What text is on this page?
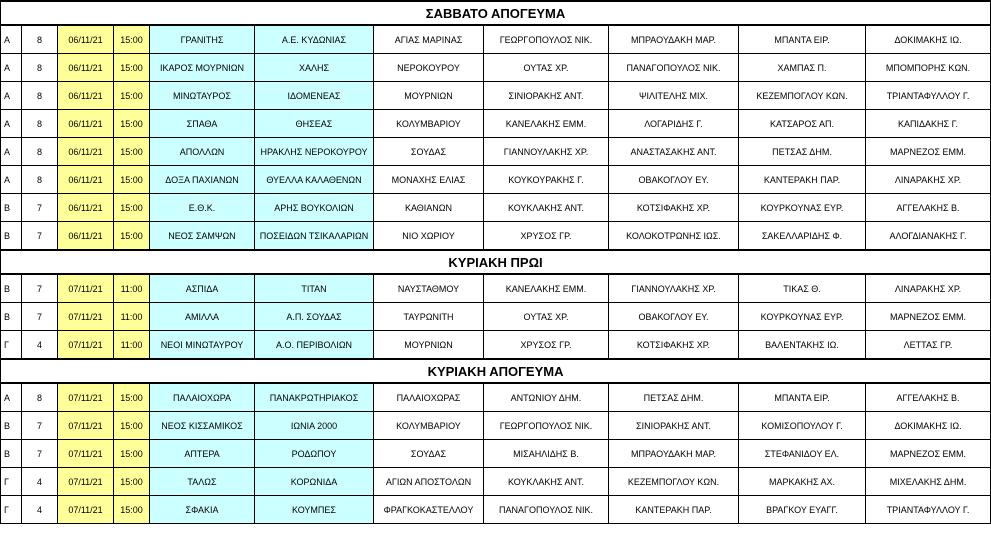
ΣΑΒΒΑΤΟ ΑΠΟΓΕΥΜΑ										
Α	8	06/11/21	15:00	ΓΡΑΝΙΤΗΣ	Α.Ε. ΚΥΔΩΝΙΑΣ	ΑΓΙΑΣ ΜΑΡΙΝΑΣ	ΓΕΩΡΓΟΠΟΥΛΟΣ ΝΙΚ.	ΜΠΡΑΟΥΔΑΚΗ ΜΑΡ.	ΜΠΑΝΤΑ ΕΙΡ.	ΔΟΚΙΜΑΚΗΣ ΙΩ.
Α	8	06/11/21	15:00	ΙΚΑΡΟΣ ΜΟΥΡΝΙΩΝ	ΧΑΛΗΣ	ΝΕΡΟΚΟΥΡΟΥ	ΟΥΤΑΣ ΧΡ.	ΠΑΝΑΓΟΠΟΥΛΟΣ ΝΙΚ.	ΧΑΜΠΑΣ Π.	ΜΠΟΜΠΟΡΗΣ ΚΩΝ.
Α	8	06/11/21	15:00	ΜΙΝΩΤΑΥΡΟΣ	ΙΔΟΜΕΝΕΑΣ	ΜΟΥΡΝΙΩΝ	ΣΙΝΙΟΡΑΚΗΣ ΑΝΤ.	ΨΙΛΙΤΕΛΗΣ ΜΙΧ.	ΚΕΖΕΜΠΟΓΛΟΥ ΚΩΝ.	ΤΡΙΑΝΤΑΦΥΛΛΟΥ Γ.
Α	8	06/11/21	15:00	ΣΠΑΘΑ	ΘΗΣΕΑΣ	ΚΟΛΥΜΒΑΡΙΟΥ	ΚΑΝΕΛΑΚΗΣ ΕΜΜ.	ΛΟΓΑΡΙΔΗΣ Γ.	ΚΑΤΣΑΡΟΣ ΑΠ.	ΚΑΠΙΔΑΚΗΣ Γ.
Α	8	06/11/21	15:00	ΑΠΟΛΛΩΝ	ΗΡΑΚΛΗΣ ΝΕΡΟΚΟΥΡΟΥ	ΣΟΥΔΑΣ	ΓΙΑΝΝΟΥΛΑΚΗΣ ΧΡ.	ΑΝΑΣΤΑΣΑΚΗΣ ΑΝΤ.	ΠΕΤΣΑΣ ΔΗΜ.	ΜΑΡΝΕΖΟΣ ΕΜΜ.
Α	8	06/11/21	15:00	ΔΟΞΑ ΠΑΧΙΑΝΩΝ	ΘΥΕΛΛΑ ΚΑΛΑΘΕΝΩΝ	ΜΟΝΑΧΗΣ ΕΛΙΑΣ	ΚΟΥΚΟΥΡΑΚΗΣ Γ.	ΟΒΑΚΟΓΛΟΥ ΕΥ.	ΚΑΝΤΕΡΑΚΗ ΠΑΡ.	ΛΙΝΑΡΑΚΗΣ ΧΡ.
Β	7	06/11/21	15:00	Ε.Θ.Κ.	ΑΡΗΣ ΒΟΥΚΟΛΙΩΝ	ΚΑΘΙΑΝΩΝ	ΚΟΥΚΛΑΚΗΣ ΑΝΤ.	ΚΟΤΣΙΦΑΚΗΣ ΧΡ.	ΚΟΥΡΚΟΥΝΑΣ ΕΥΡ.	ΑΓΓΕΛΑΚΗΣ Β.
Β	7	06/11/21	15:00	ΝΕΟΣ ΣΑΜΨΩΝ	ΠΟΣΕΙΔΩΝ ΤΣΙΚΑΛΑΡΙΩΝ	ΝΙΟ ΧΩΡΙΟΥ	ΧΡΥΣΟΣ ΓΡ.	ΚΟΛΟΚΟΤΡΩΝΗΣ ΙΩΣ.	ΣΑΚΕΛΛΑΡΙΔΗΣ Φ.	ΑΛΟΓΔΙΑΝΑΚΗΣ Γ.
ΚΥΡΙΑΚΗ ΠΡΩΙ										
Β	7	07/11/21	11:00	ΑΣΠΙΔΑ	ΤΙΤΑΝ	ΝΑΥΣΤΑΘΜΟΥ	ΚΑΝΕΛΑΚΗΣ ΕΜΜ.	ΓΙΑΝΝΟΥΛΑΚΗΣ ΧΡ.	ΤΙΚΑΣ Θ.	ΛΙΝΑΡΑΚΗΣ ΧΡ.
Β	7	07/11/21	11:00	ΑΜΙΛΛΑ	Α.Π. ΣΟΥΔΑΣ	ΤΑΥΡΩΝΙΤΗ	ΟΥΤΑΣ ΧΡ.	ΟΒΑΚΟΓΛΟΥ ΕΥ.	ΚΟΥΡΚΟΥΝΑΣ ΕΥΡ.	ΜΑΡΝΕΖΟΣ ΕΜΜ.
Γ	4	07/11/21	11:00	ΝΕΟΙ ΜΙΝΩΤΑΥΡΟΥ	Α.Ο. ΠΕΡΙΒΟΛΙΩΝ	ΜΟΥΡΝΙΩΝ	ΧΡΥΣΟΣ ΓΡ.	ΚΟΤΣΙΦΑΚΗΣ ΧΡ.	ΒΑΛΕΝΤΑΚΗΣ ΙΩ.	ΛΕΤΤΑΣ ΓΡ.
ΚΥΡΙΑΚΗ ΑΠΟΓΕΥΜΑ										
Α	8	07/11/21	15:00	ΠΑΛΑΙΟΧΩΡΑ	ΠΑΝΑΚΡΩΤΗΡΙΑΚΟΣ	ΠΑΛΑΙΟΧΩΡΑΣ	ΑΝΤΩΝΙΟΥ ΔΗΜ.	ΠΕΤΣΑΣ ΔΗΜ.	ΜΠΑΝΤΑ ΕΙΡ.	ΑΓΓΕΛΑΚΗΣ Β.
Β	7	07/11/21	15:00	ΝΕΟΣ ΚΙΣΣΑΜΙΚΟΣ	ΙΩΝΙΑ 2000	ΚΟΛΥΜΒΑΡΙΟΥ	ΓΕΩΡΓΟΠΟΥΛΟΣ ΝΙΚ.	ΣΙΝΙΟΡΑΚΗΣ ΑΝΤ.	ΚΟΜΙΣΟΠΟΥΛΟΥ Γ.	ΔΟΚΙΜΑΚΗΣ ΙΩ.
Β	7	07/11/21	15:00	ΑΠΤΕΡΑ	ΡΟΔΩΠΟΥ	ΣΟΥΔΑΣ	ΜΙΣΑΗΛΙΔΗΣ Β.	ΜΠΡΑΟΥΔΑΚΗ ΜΑΡ.	ΣΤΕΦΑΝΙΔΟΥ ΕΛ.	ΜΑΡΝΕΖΟΣ ΕΜΜ.
Γ	4	07/11/21	15:00	ΤΑΛΩΣ	ΚΟΡΩΝΙΔΑ	ΑΓΙΩΝ ΑΠΟΣΤΟΛΩΝ	ΚΟΥΚΛΑΚΗΣ ΑΝΤ.	ΚΕΖΕΜΠΟΓΛΟΥ ΚΩΝ.	ΜΑΡΚΑΚΗΣ ΑΧ.	ΜΙΧΕΛΑΚΗΣ ΔΗΜ.
Γ	4	07/11/21	15:00	ΣΦΑΚΙΑ	ΚΟΥΜΠΕΣ	ΦΡΑΓΚΟΚΑΣΤΕΛΛΟΥ	ΠΑΝΑΓΟΠΟΥΛΟΣ ΝΙΚ.	ΚΑΝΤΕΡΑΚΗ ΠΑΡ.	ΒΡΑΓΚΟΥ ΕΥΑΓΓ.	ΤΡΙΑΝΤΑΦΥΛΛΟΥ Γ.
